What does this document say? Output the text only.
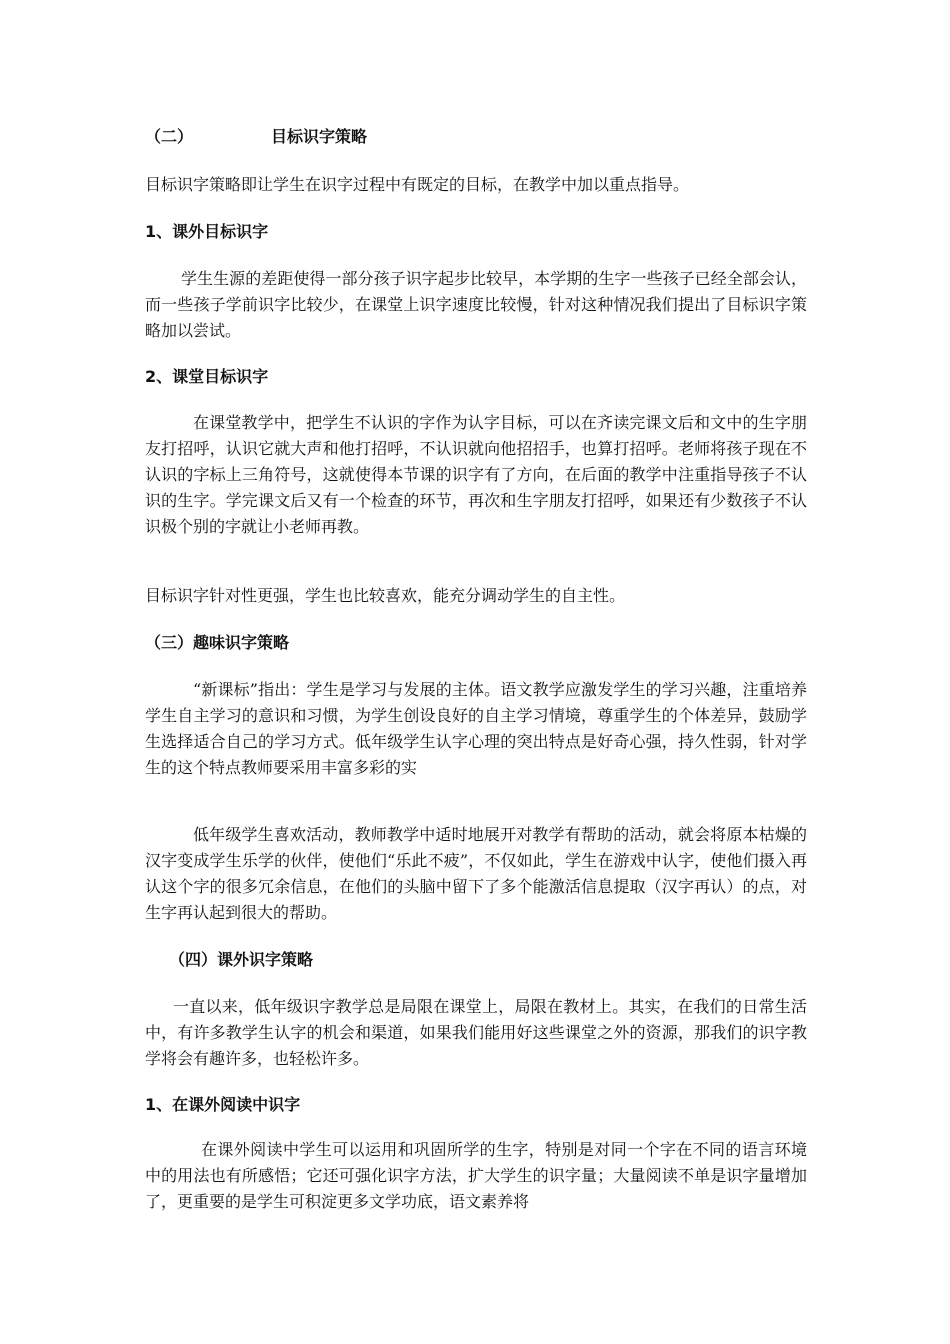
（二）	目标识字策略

目标识字策略即让学生在识字过程中有既定的目标，在教学中加以重点指导。

1、课外目标识字

学生生源的差距使得一部分孩子识字起步比较早，本学期的生字一些孩子已经全部会认，而一些孩子学前识字比较少，在课堂上识字速度比较慢，针对这种情况我们提出了目标识字策略加以尝试。

2、课堂目标识字

在课堂教学中，把学生不认识的字作为认字目标，可以在齐读完课文后和文中的生字朋友打招呼，认识它就大声和他打招呼，不认识就向他招招手，也算打招呼。老师将孩子现在不认识的字标上三角符号，这就使得本节课的识字有了方向，在后面的教学中注重指导孩子不认识的生字。学完课文后又有一个检查的环节，再次和生字朋友打招呼，如果还有少数孩子不认识极个别的字就让小老师再教。

目标识字针对性更强，学生也比较喜欢，能充分调动学生的自主性。

（三）趣味识字策略

“新课标”指出：学生是学习与发展的主体。语文教学应激发学生的学习兴趣，注重培养学生自主学习的意识和习惯，为学生创设良好的自主学习情境，尊重学生的个体差异，鼓励学生选择适合自己的学习方式。低年级学生认字心理的突出特点是好奇心强，持久性弱，针对学生的这个特点教师要采用丰富多彩的实

低年级学生喜欢活动，教师教学中适时地展开对教学有帮助的活动，就会将原本枯燥的汉字变成学生乐学的伙伴，使他们“乐此不疲”，不仅如此，学生在游戏中认字，使他们摄入再认这个字的很多冗余信息，在他们的头脑中留下了多个能激活信息提取（汉字再认）的点，对生字再认起到很大的帮助。

（四）课外识字策略

一直以来，低年级识字教学总是局限在课堂上，局限在教材上。其实，在我们的日常生活中，有许多教学生认字的机会和渠道，如果我们能用好这些课堂之外的资源，那我们的识字教学将会有趣许多，也轻松许多。

1、在课外阅读中识字

在课外阅读中学生可以运用和巩固所学的生字，特别是对同一个字在不同的语言环境中的用法也有所感悟；它还可强化识字方法，扩大学生的识字量；大量阅读不单是识字量增加了，更重要的是学生可积淀更多文学功底，语文素养将
